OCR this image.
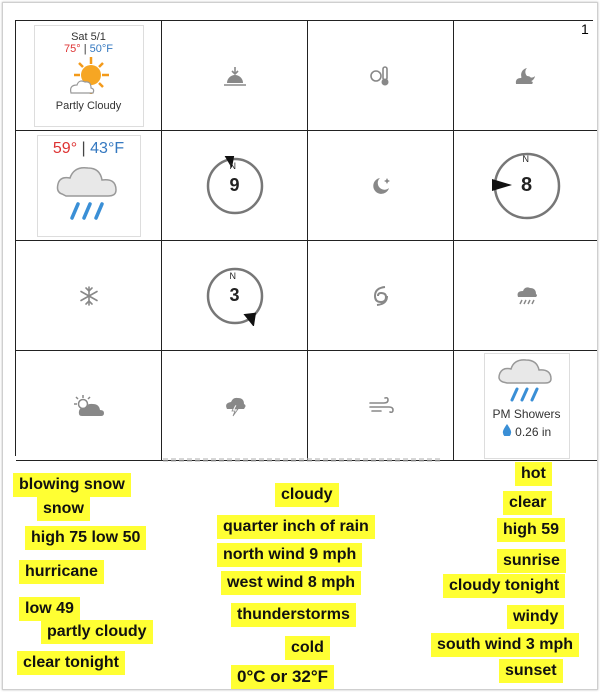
1
Sat 5/1
75° | 50°F
Partly Cloudy
59° | 43°F
N
9
N
8
N
3
PM Showers
0.26 in
blowing snow
snow
high 75 low 50
hurricane
low 49
partly cloudy
clear tonight
cloudy
quarter inch of rain
north wind 9 mph
west wind 8 mph
thunderstorms
cold
0°C or 32°F
hot
clear
high 59
sunrise
cloudy tonight
windy
south wind 3 mph
sunset
